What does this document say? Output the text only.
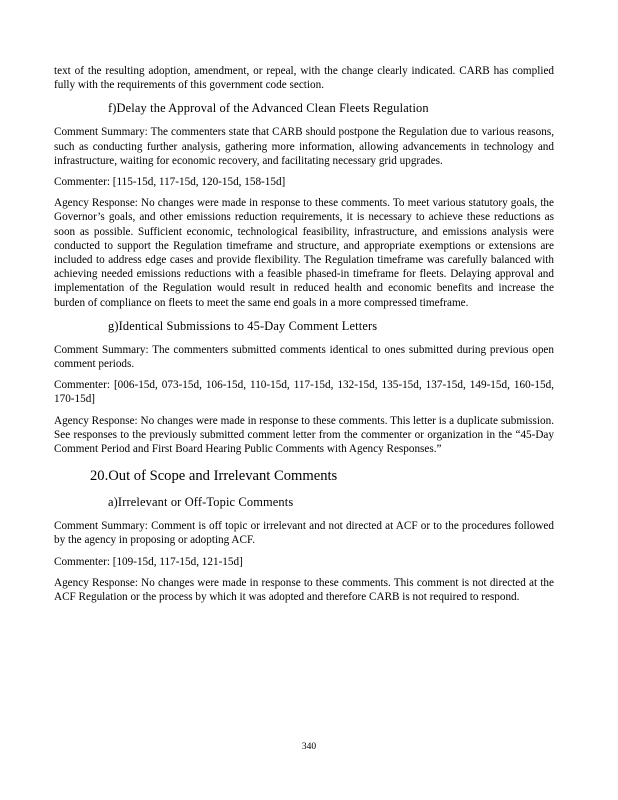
text of the resulting adoption, amendment, or repeal, with the change clearly indicated. CARB has complied fully with the requirements of this government code section.

f)Delay the Approval of the Advanced Clean Fleets Regulation

Comment Summary: The commenters state that CARB should postpone the Regulation due to various reasons, such as conducting further analysis, gathering more information, allowing advancements in technology and infrastructure, waiting for economic recovery, and facilitating necessary grid upgrades.

Commenter: [115-15d, 117-15d, 120-15d, 158-15d]

Agency Response: No changes were made in response to these comments. To meet various statutory goals, the Governor’s goals, and other emissions reduction requirements, it is necessary to achieve these reductions as soon as possible. Sufficient economic, technological feasibility, infrastructure, and emissions analysis were conducted to support the Regulation timeframe and structure, and appropriate exemptions or extensions are included to address edge cases and provide flexibility. The Regulation timeframe was carefully balanced with achieving needed emissions reductions with a feasible phased-in timeframe for fleets. Delaying approval and implementation of the Regulation would result in reduced health and economic benefits and increase the burden of compliance on fleets to meet the same end goals in a more compressed timeframe.

g)Identical Submissions to 45-Day Comment Letters

Comment Summary: The commenters submitted comments identical to ones submitted during previous open comment periods.

Commenter: [006-15d, 073-15d, 106-15d, 110-15d, 117-15d, 132-15d, 135-15d, 137-15d, 149-15d, 160-15d, 170-15d]

Agency Response: No changes were made in response to these comments. This letter is a duplicate submission. See responses to the previously submitted comment letter from the commenter or organization in the “45-Day Comment Period and First Board Hearing Public Comments with Agency Responses.”

20.Out of Scope and Irrelevant Comments
a)Irrelevant or Off-Topic Comments

Comment Summary: Comment is off topic or irrelevant and not directed at ACF or to the procedures followed by the agency in proposing or adopting ACF.

Commenter: [109-15d, 117-15d, 121-15d]

Agency Response: No changes were made in response to these comments. This comment is not directed at the ACF Regulation or the process by which it was adopted and therefore CARB is not required to respond.

340
